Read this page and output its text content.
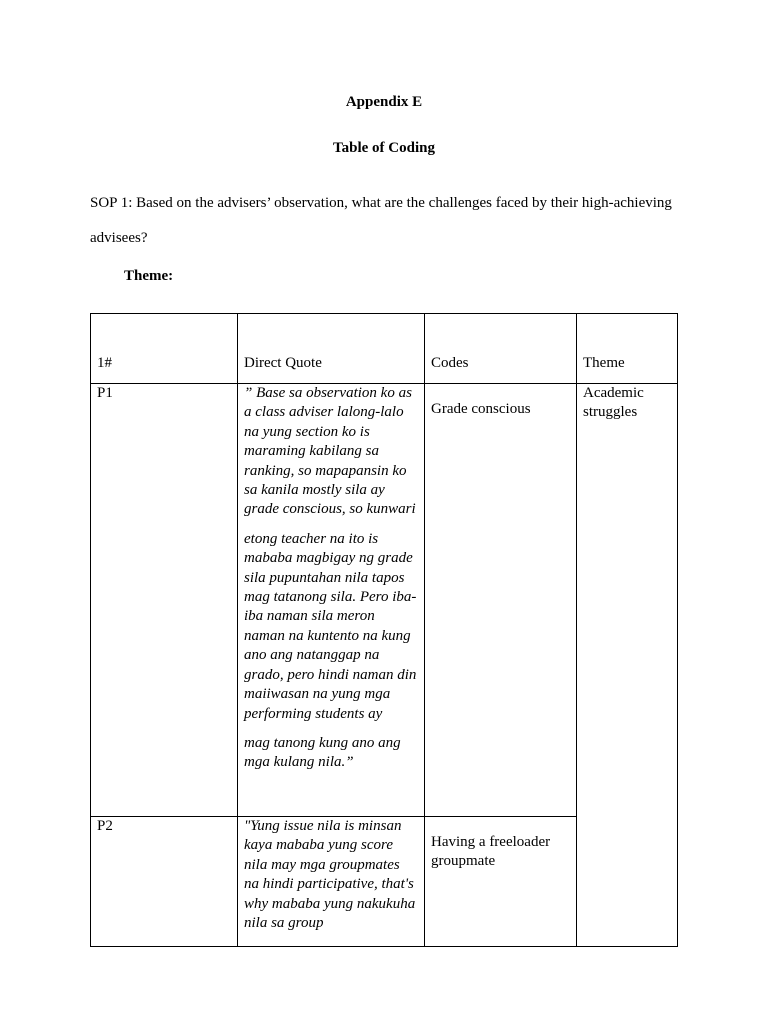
Appendix E
Table of Coding
SOP 1: Based on the advisers’ observation, what are the challenges faced by their high-achieving advisees?
Theme:
1#	Direct Quote	Codes	Theme
P1	” Base sa observation ko as a class adviser lalong-lalo na yung section ko is maraming kabilang sa ranking, so mapapansin ko sa kanila mostly sila ay grade conscious, so kunwari

etong teacher na ito is mababa magbigay ng grade sila pupuntahan nila tapos mag tatanong sila. Pero iba-iba naman sila meron naman na kuntento na kung ano ang natanggap na grado, pero hindi naman din maiiwasan na yung mga performing students ay

mag tanong kung ano ang mga kulang nila.”	Grade conscious	Academic struggles
P2	"Yung issue nila is minsan kaya mababa yung score nila may mga groupmates na hindi participative, that's why mababa yung nakukuha nila sa group	Having a freeloader groupmate	
